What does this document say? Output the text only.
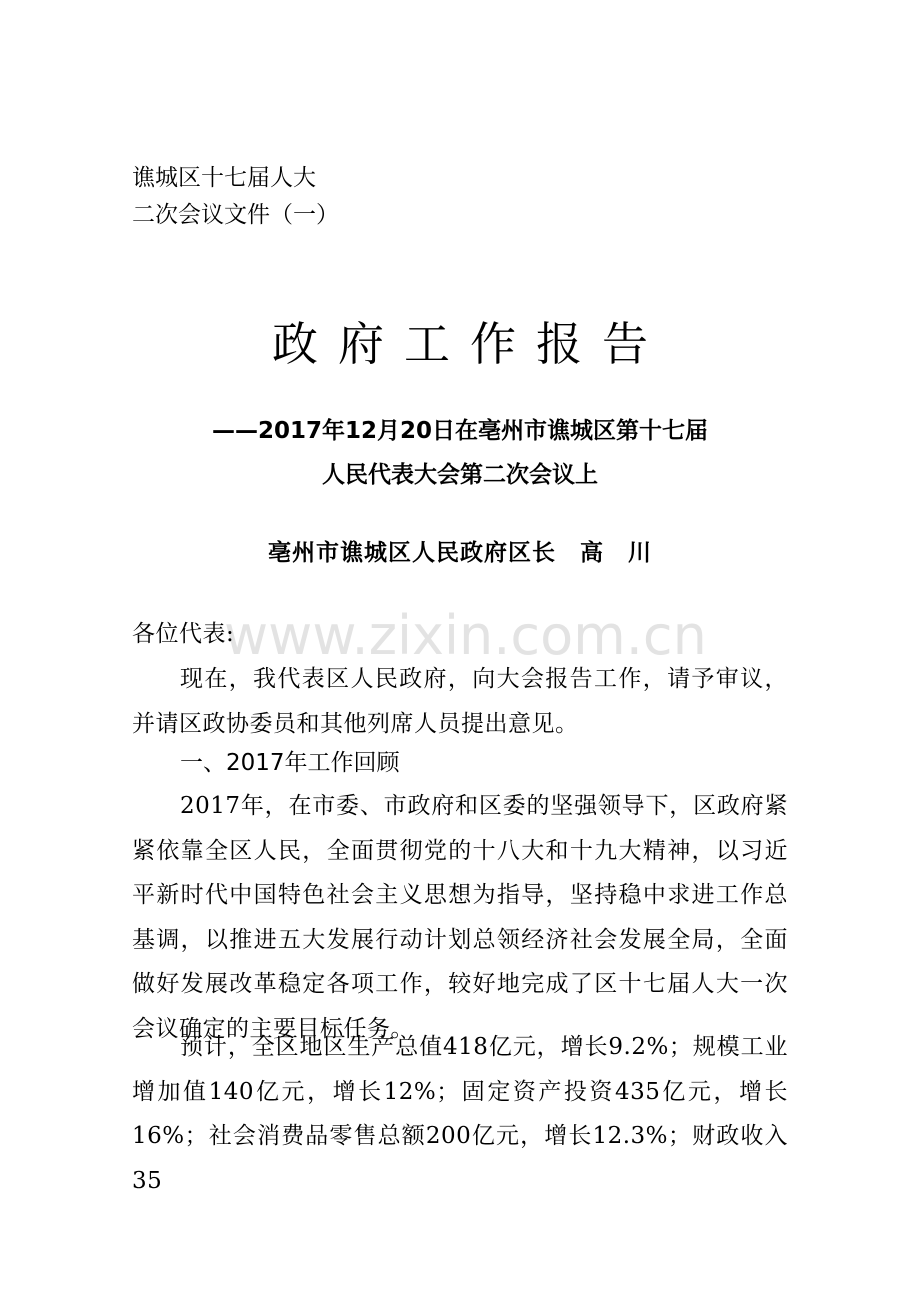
谯城区十七届人大
二次会议文件（一）
政府工作报告
——2017年12月20日在亳州市谯城区第十七届
人民代表大会第二次会议上
亳州市谯城区人民政府区长　高　川
www.zixin.com.cn
各位代表:
现在，我代表区人民政府，向大会报告工作，请予审议，并请区政协委员和其他列席人员提出意见。
一、2017年工作回顾
2017年，在市委、市政府和区委的坚强领导下，区政府紧紧依靠全区人民，全面贯彻党的十八大和十九大精神，以习近平新时代中国特色社会主义思想为指导，坚持稳中求进工作总基调，以推进五大发展行动计划总领经济社会发展全局，全面做好发展改革稳定各项工作，较好地完成了区十七届人大一次会议确定的主要目标任务。
预计，全区地区生产总值418亿元，增长9.2%；规模工业增加值140亿元，增长12%；固定资产投资435亿元，增长16%；社会消费品零售总额200亿元，增长12.3%；财政收入35
